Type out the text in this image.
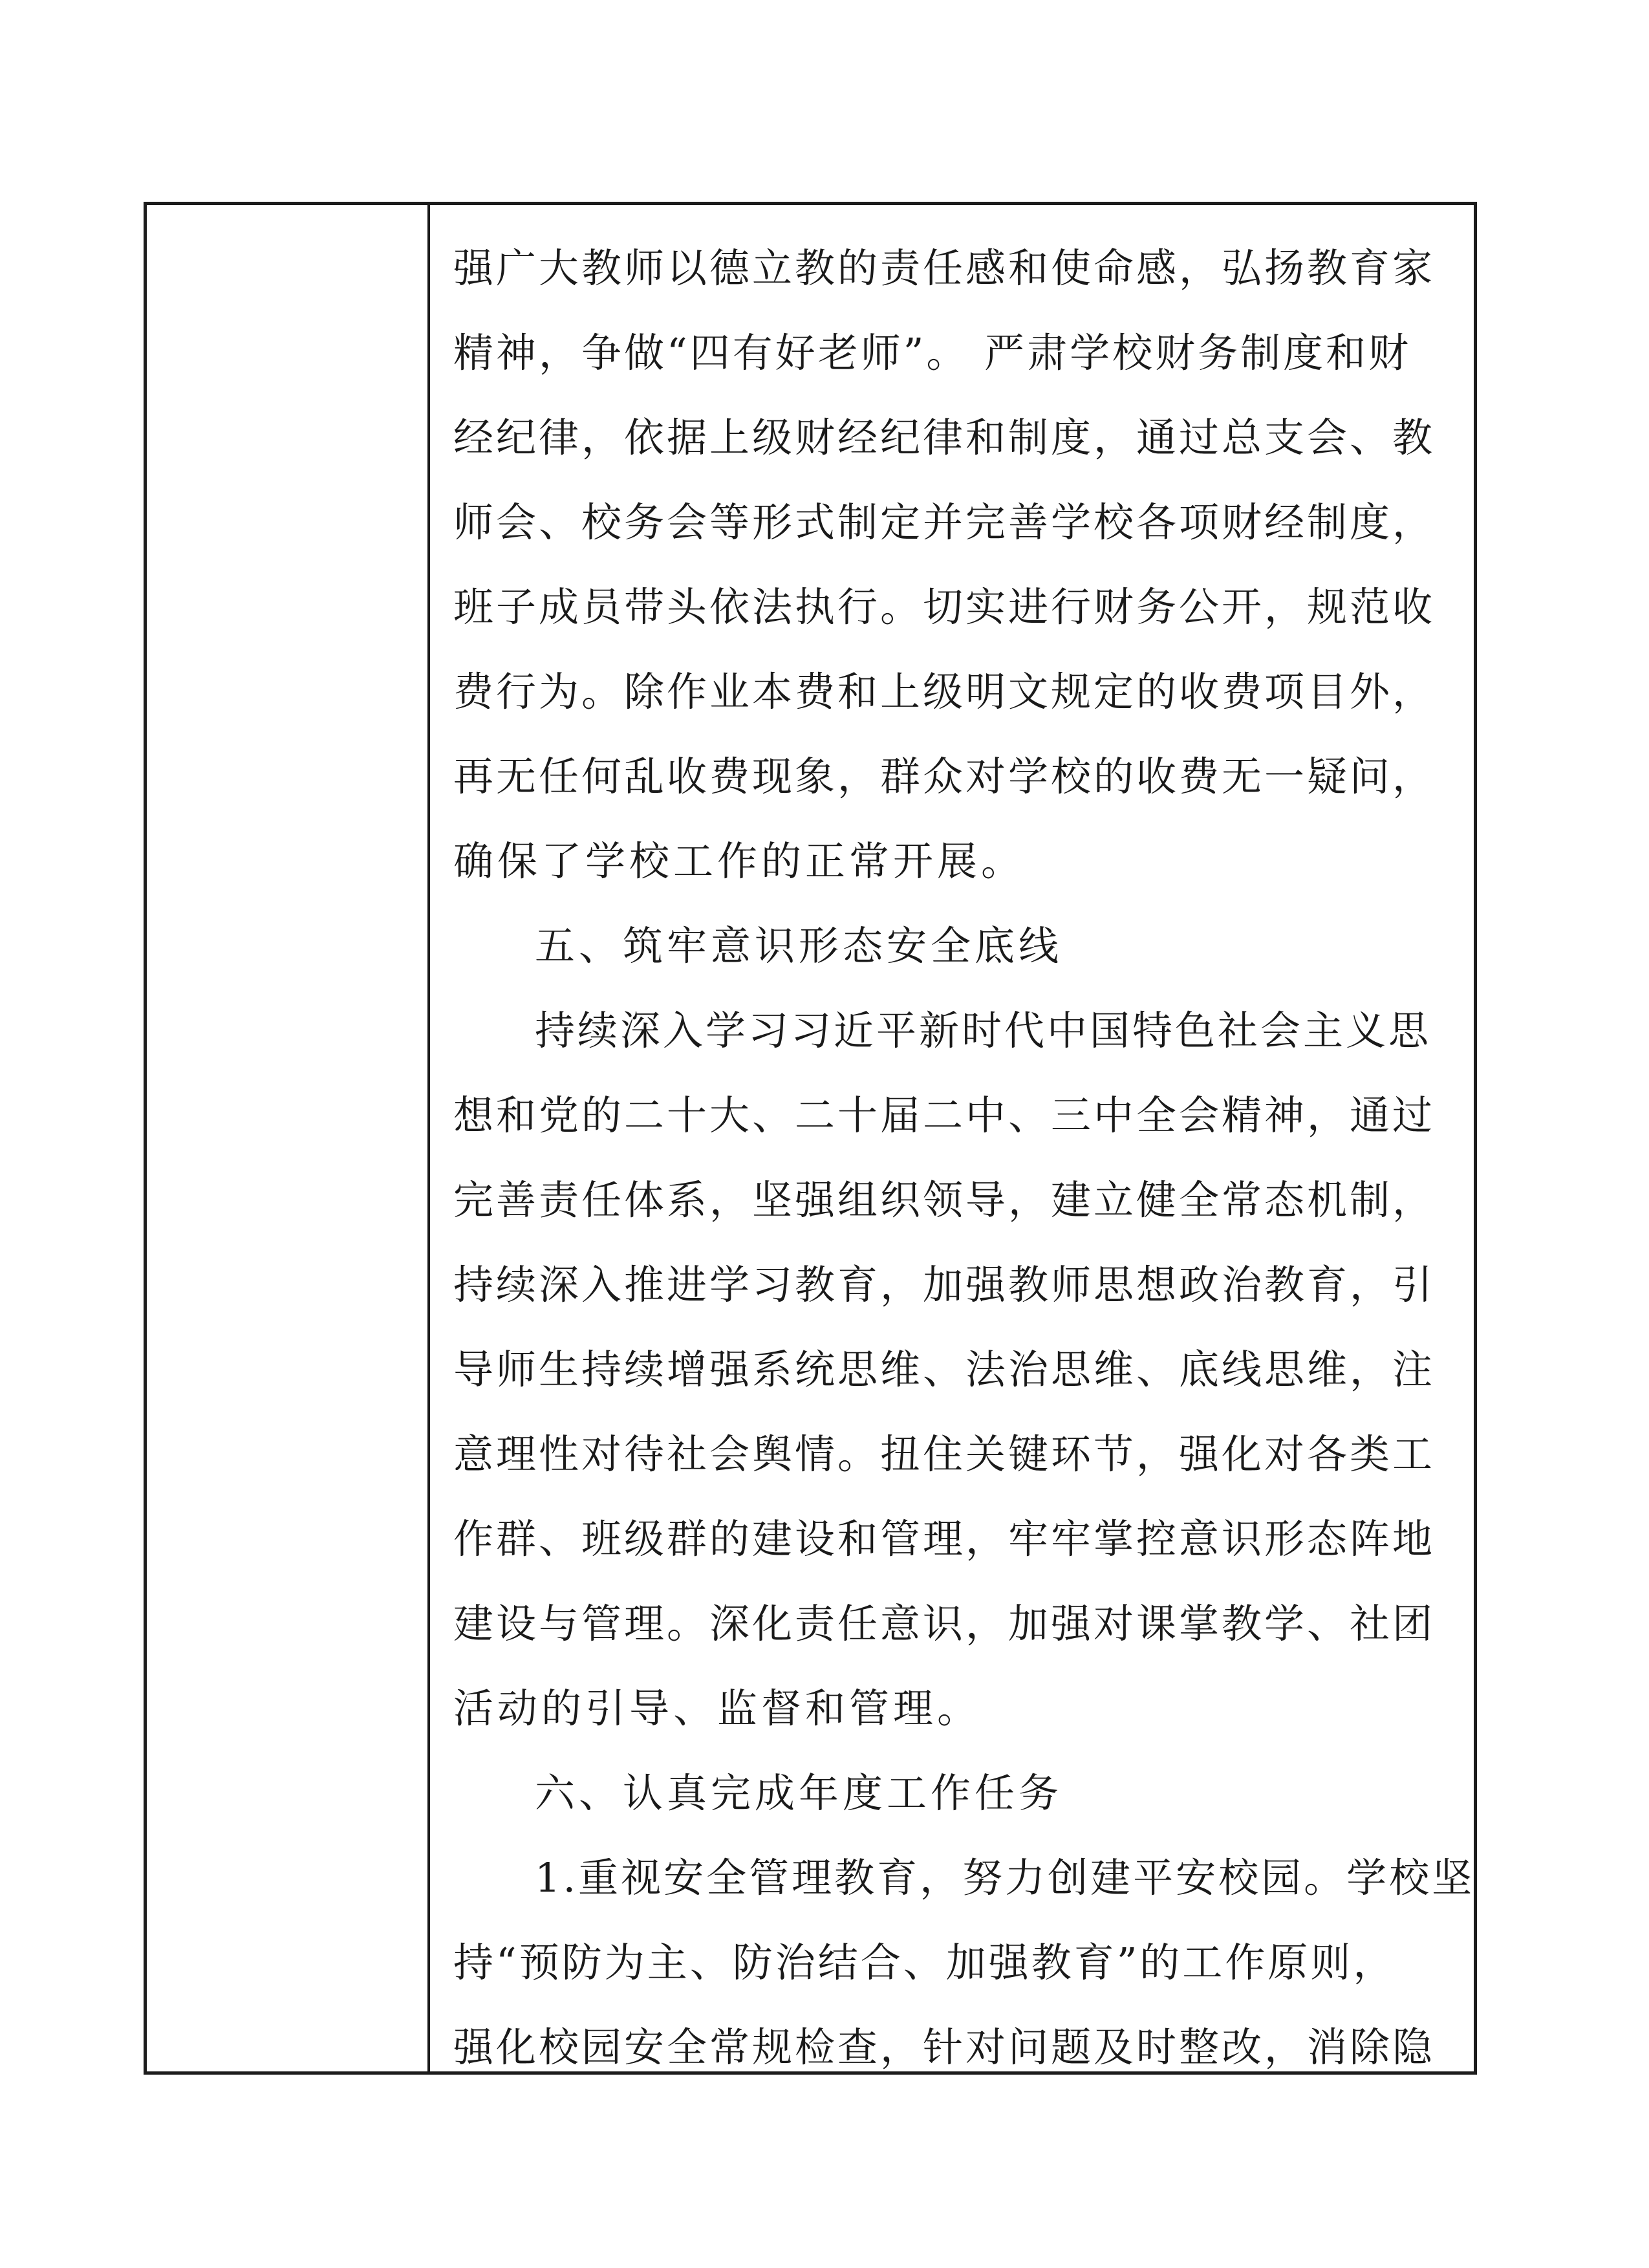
强广大教师以德立教的责任感和使命感，弘扬教育家
精神，争做“四有好老师”。 严肃学校财务制度和财
经纪律，依据上级财经纪律和制度，通过总支会、教
师会、校务会等形式制定并完善学校各项财经制度，
班子成员带头依法执行。切实进行财务公开，规范收
费行为。除作业本费和上级明文规定的收费项目外，
再无任何乱收费现象，群众对学校的收费无一疑问，
确保了学校工作的正常开展。
五、筑牢意识形态安全底线
持续深入学习习近平新时代中国特色社会主义思
想和党的二十大、二十届二中、三中全会精神，通过
完善责任体系，坚强组织领导，建立健全常态机制，
持续深入推进学习教育，加强教师思想政治教育，引
导师生持续增强系统思维、法治思维、底线思维，注
意理性对待社会舆情。扭住关键环节，强化对各类工
作群、班级群的建设和管理，牢牢掌控意识形态阵地
建设与管理。深化责任意识，加强对课掌教学、社团
活动的引导、监督和管理。
六、认真完成年度工作任务
1.重视安全管理教育，努力创建平安校园。学校坚
持“预防为主、防治结合、加强教育”的工作原则，
强化校园安全常规检查，针对问题及时整改，消除隐
